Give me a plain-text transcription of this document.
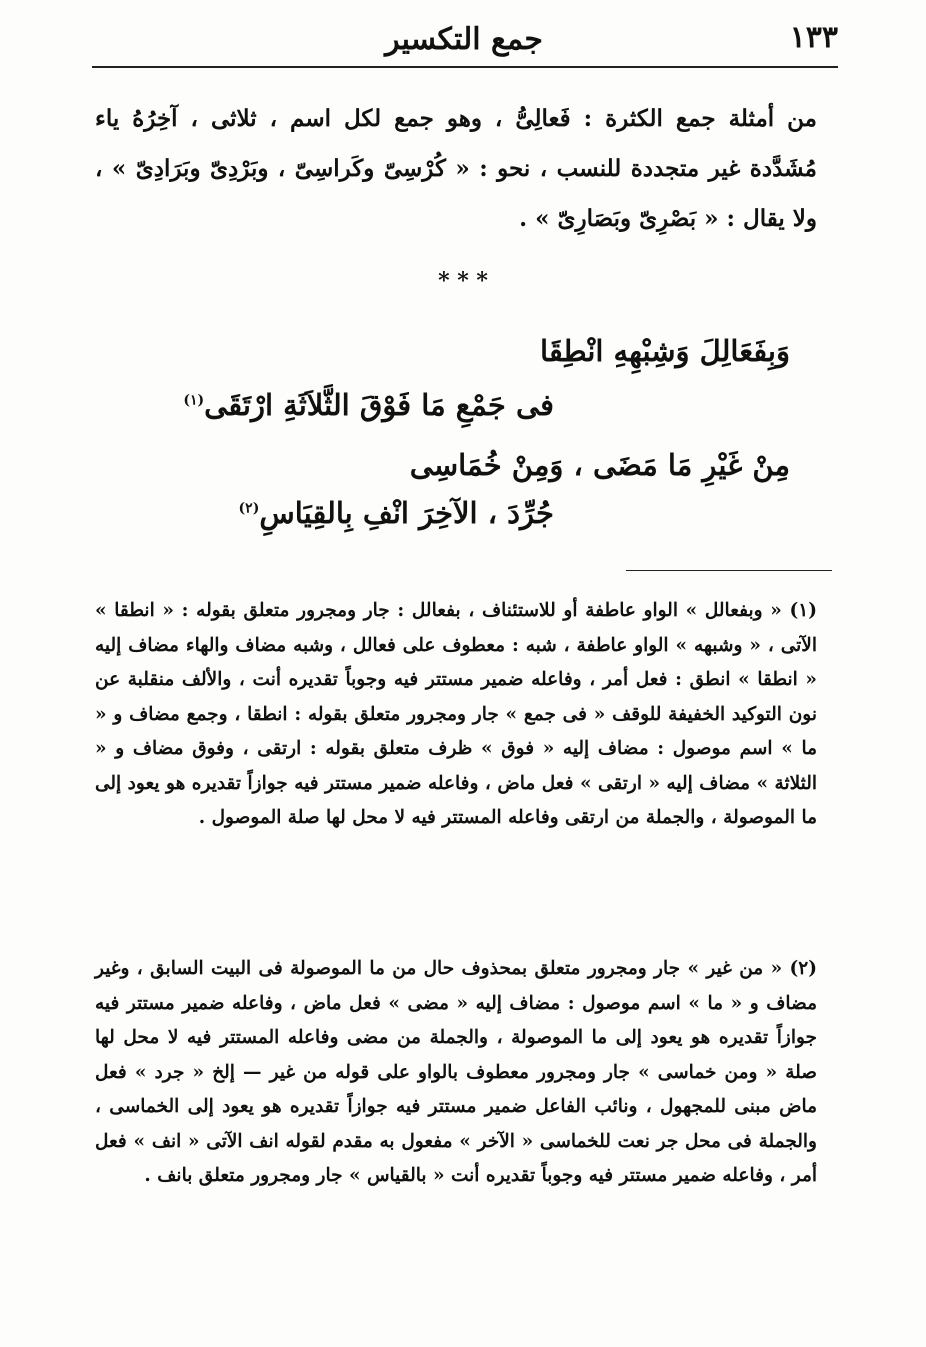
١٣٣
جمع التكسير
من أمثلة جمع الكثرة : فَعالِىُّ ، وهو جمع لكل اسم ، ثلاثى ، آخِرُهُ ياء مُشَدَّدة غير متجددة للنسب ، نحو : « كُرْسِىّ وكَراسِىّ ، وبَرْدِىّ وبَرَادِىّ » ، ولا يقال : « بَصْرِىّ وبَصَارِىّ » .
* * *
وَبِفَعَالِلَ وَشِبْهِهِ انْطِقَا
فى جَمْعِ مَا فَوْقَ الثَّلاَثَةِ ارْتَقَى$^{(١)}$
مِنْ غَيْرِ مَا مَضَى ، وَمِنْ خُمَاسِى
جُرِّدَ ، الآخِرَ انْفِ بِالقِيَاسِ$^{(٢)}$
(١) « وبفعالل » الواو عاطفة أو للاستئناف ، بفعالل : جار ومجرور متعلق بقوله : « انطقا » الآتى ، « وشبهه » الواو عاطفة ، شبه : معطوف على فعالل ، وشبه مضاف والهاء مضاف إليه « انطقا » انطق : فعل أمر ، وفاعله ضمير مستتر فيه وجوباً تقديره أنت ، والألف منقلبة عن نون التوكيد الخفيفة للوقف « فى جمع » جار ومجرور متعلق بقوله : انطقا ، وجمع مضاف و « ما » اسم موصول : مضاف إليه « فوق » ظرف متعلق بقوله : ارتقى ، وفوق مضاف و « الثلاثة » مضاف إليه « ارتقى » فعل ماض ، وفاعله ضمير مستتر فيه جوازاً تقديره هو يعود إلى ما الموصولة ، والجملة من ارتقى وفاعله المستتر فيه لا محل لها صلة الموصول .
(٢) « من غير » جار ومجرور متعلق بمحذوف حال من ما الموصولة فى البيت السابق ، وغير مضاف و « ما » اسم موصول : مضاف إليه « مضى » فعل ماض ، وفاعله ضمير مستتر فيه جوازاً تقديره هو يعود إلى ما الموصولة ، والجملة من مضى وفاعله المستتر فيه لا محل لها صلة « ومن خماسى » جار ومجرور معطوف بالواو على قوله من غير — إلخ « جرد » فعل ماض مبنى للمجهول ، ونائب الفاعل ضمير مستتر فيه جوازاً تقديره هو يعود إلى الخماسى ، والجملة فى محل جر نعت للخماسى « الآخر » مفعول به مقدم لقوله انف الآتى « انف » فعل أمر ، وفاعله ضمير مستتر فيه وجوباً تقديره أنت « بالقياس » جار ومجرور متعلق بانف .
